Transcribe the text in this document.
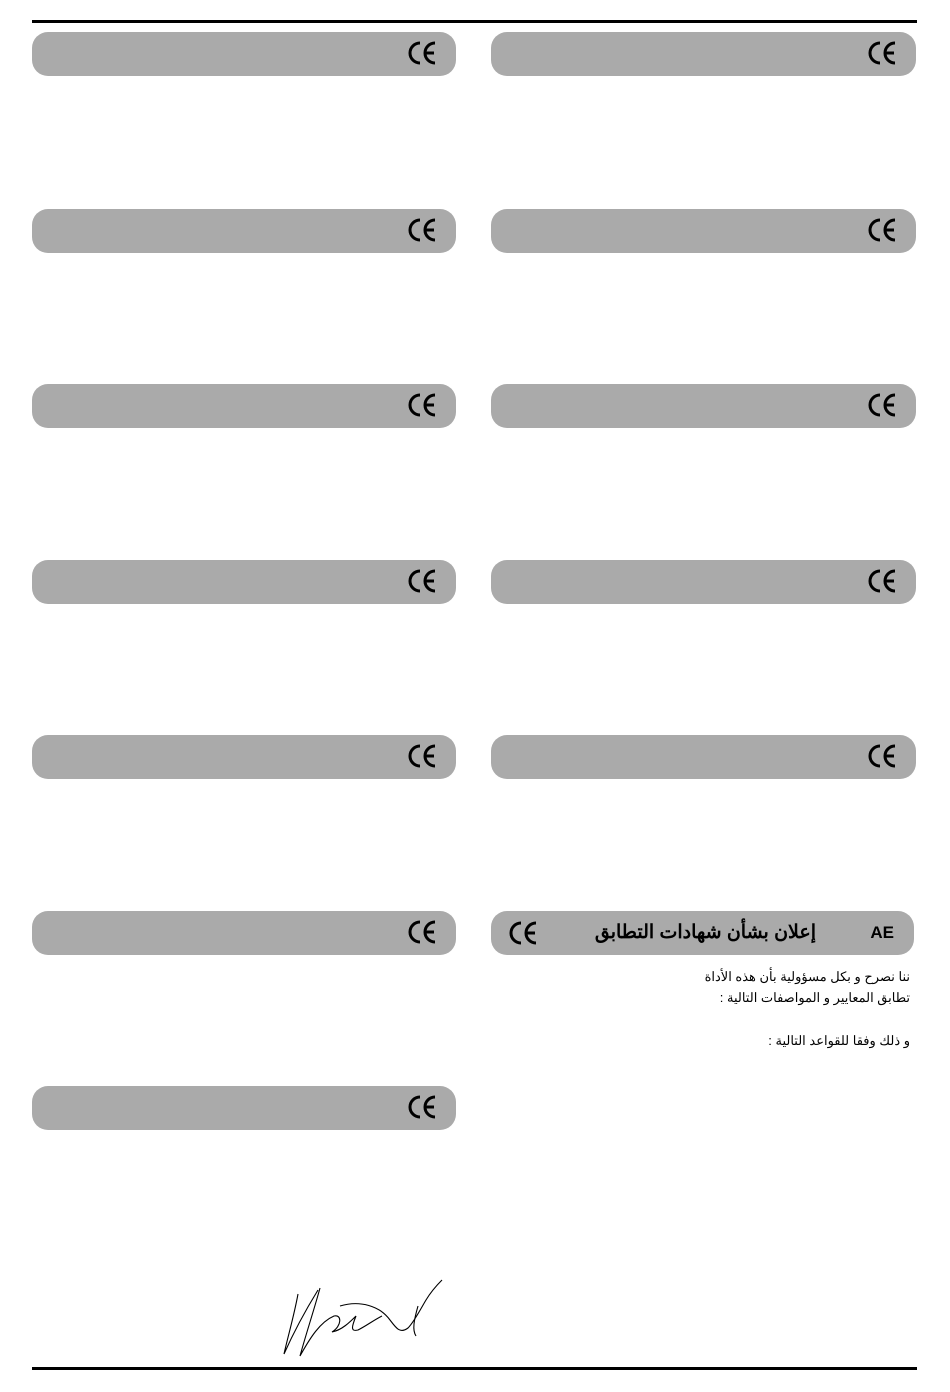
إعلان بشأن شهادات التطابق	AE
ننا نصرح و بكل مسؤولية بأن هذه الأداة
تطابق المعايير و المواصفات التالية :
و ذلك وفقا للقواعد التالية :
